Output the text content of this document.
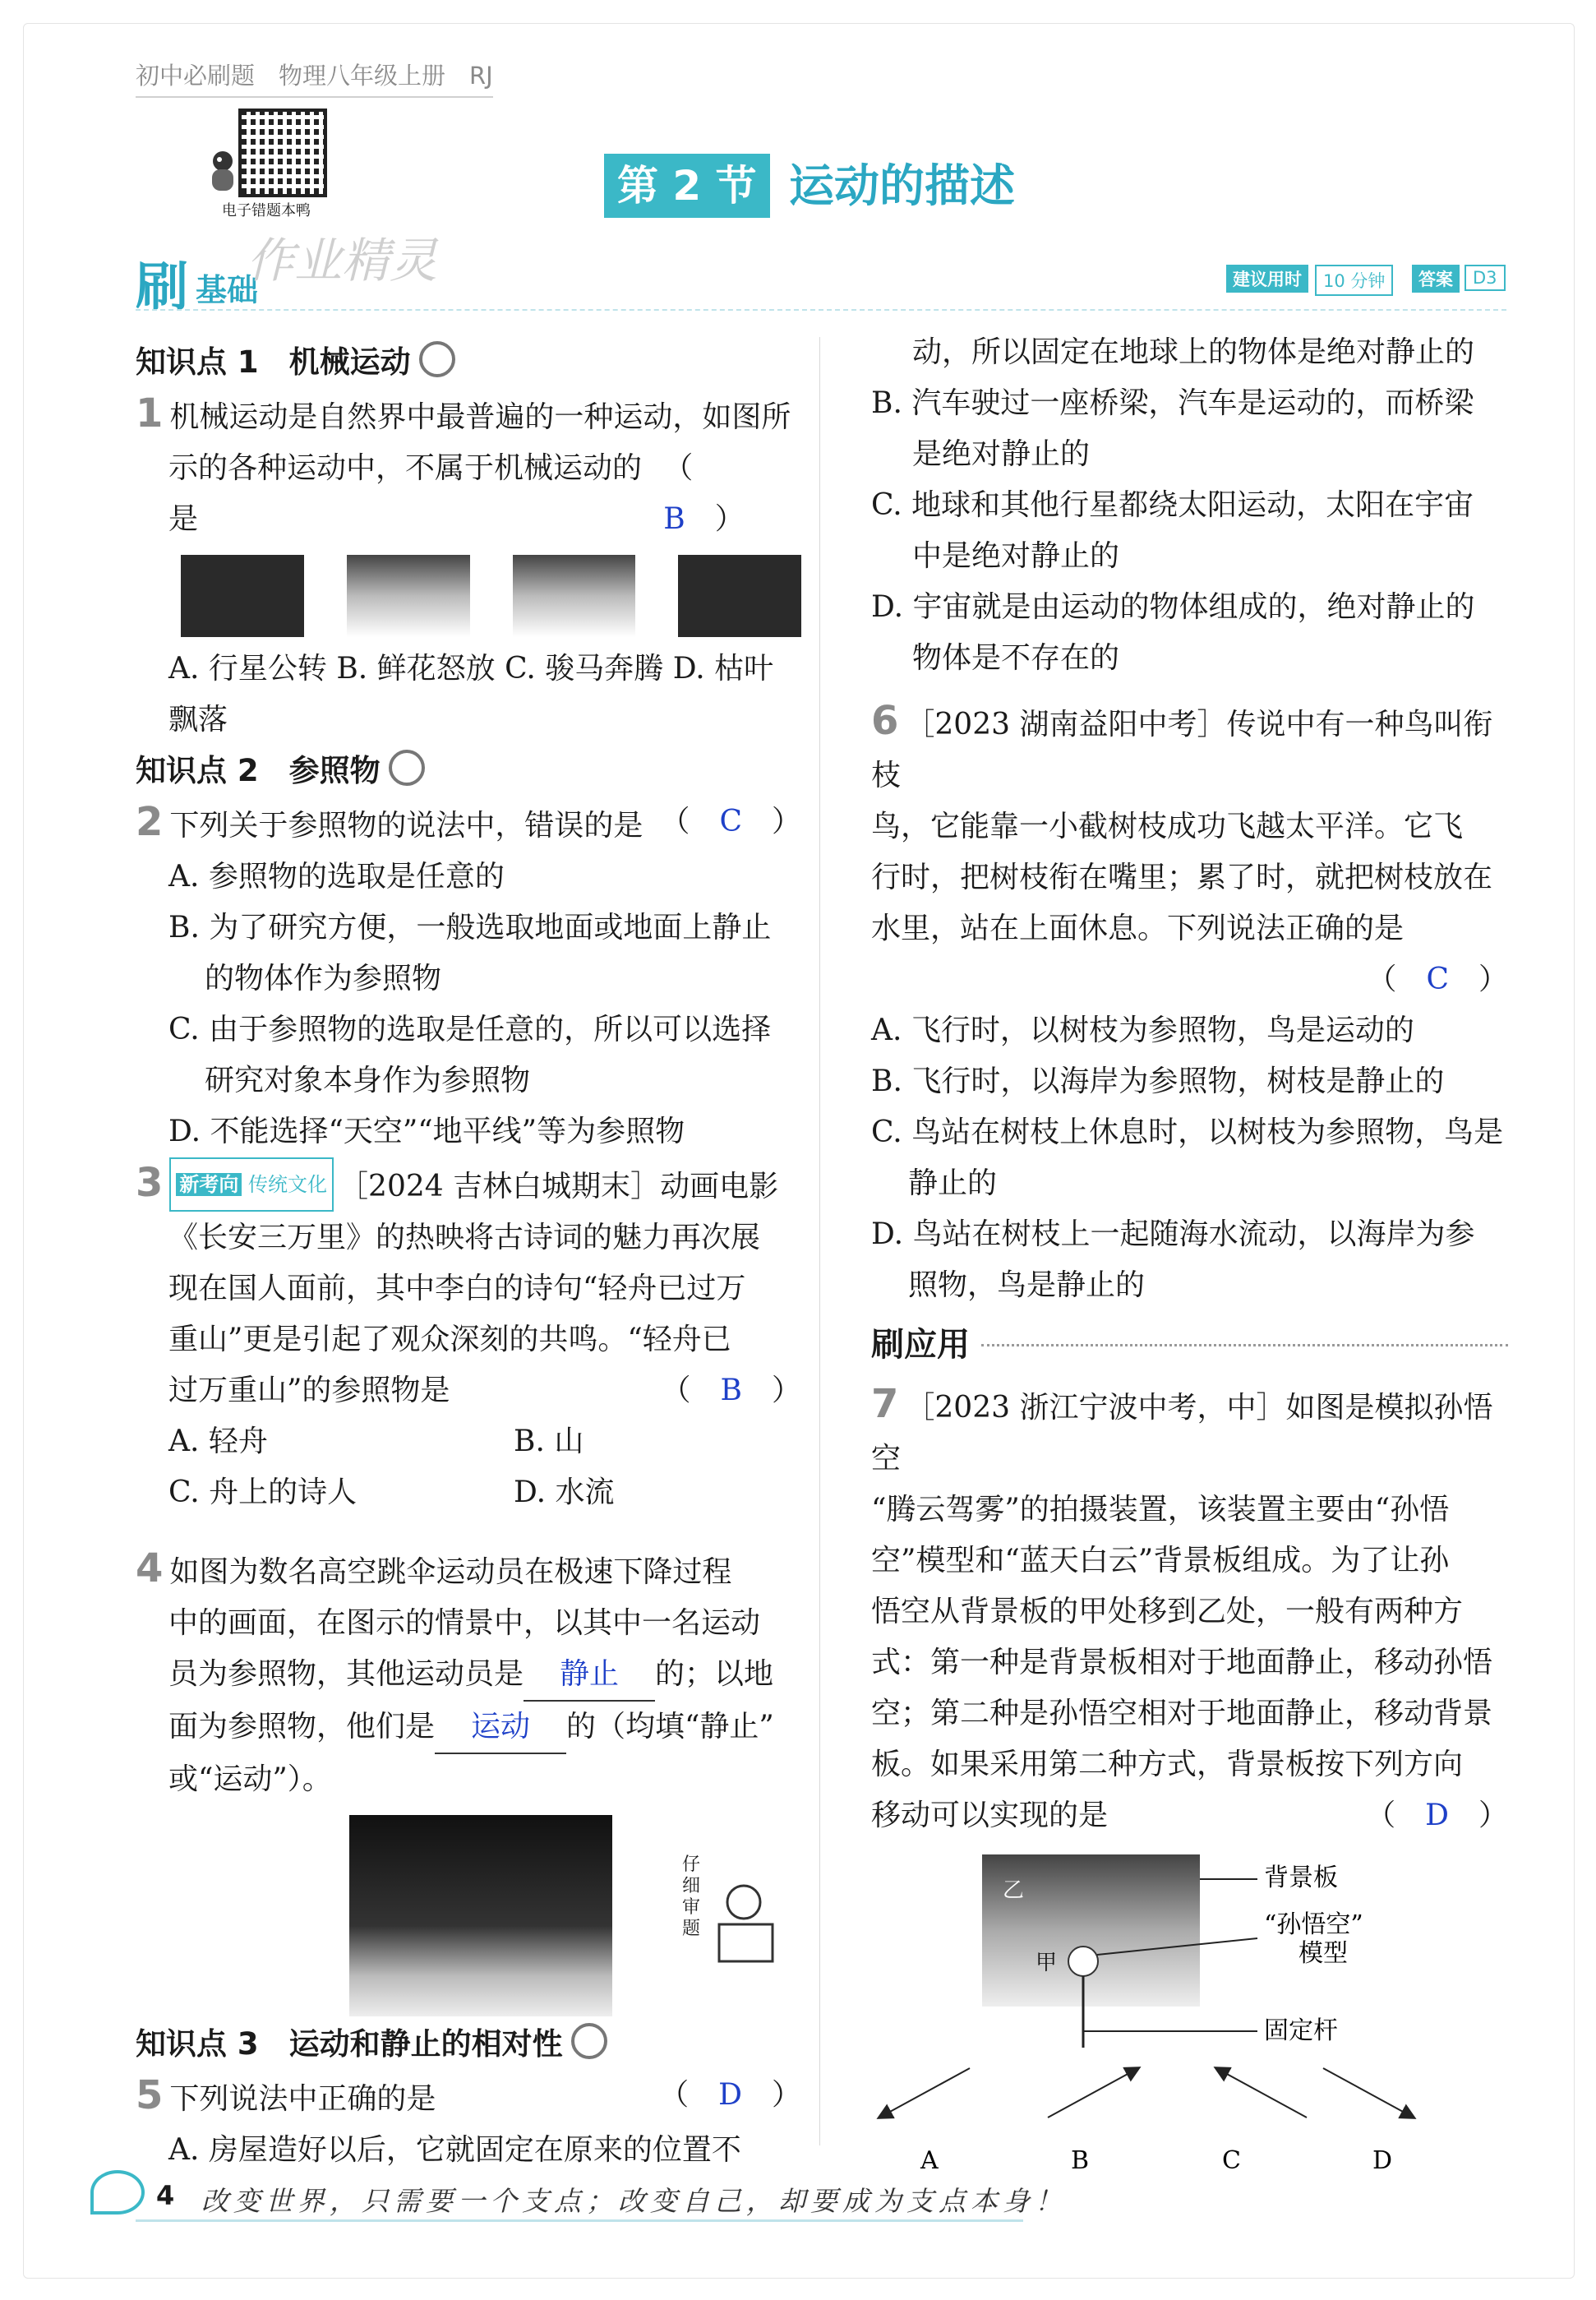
初中必刷题　物理八年级上册　RJ
电子错题本鸭
第 2 节 运动的描述
刷 基础
作业精灵	建议用时	10 分钟	答案	D3

知识点 1　机械运动

1 机械运动是自然界中最普遍的一种运动，如图所

示的各种运动中，不属于机械运动的是
（　B　）

A. 行星公转 B. 鲜花怒放 C. 骏马奔腾 D. 枯叶飘落

知识点 2　参照物

2 下列关于参照物的说法中，错误的是 （　C　）

A. 参照物的选取是任意的

B. 为了研究方便，一般选取地面或地面上静止

的物体作为参照物

C. 由于参照物的选取是任意的，所以可以选择

研究对象本身作为参照物

D. 不能选择“天空”“地平线”等为参照物

3 新考向 传统文化 ［2024 吉林白城期末］动画电影

《长安三万里》的热映将古诗词的魅力再次展

现在国人面前，其中李白的诗句“轻舟已过万

重山”更是引起了观众深刻的共鸣。“轻舟已

过万重山”的参照物是	（　B　）
A. 轻舟	B. 山
C. 舟上的诗人	D. 水流

4 如图为数名高空跳伞运动员在极速下降过程

中的画面，在图示的情景中，以其中一名运动

员为参照物，其他运动员是 静止 的；以地

面为参照物，他们是 运动 的（均填“静止”

或“运动”）。

仔细审题

知识点 3　运动和静止的相对性

5 下列说法中正确的是	（　D　）

A. 房屋造好以后，它就固定在原来的位置不

动，所以固定在地球上的物体是绝对静止的

B. 汽车驶过一座桥梁，汽车是运动的，而桥梁

是绝对静止的

C. 地球和其他行星都绕太阳运动，太阳在宇宙

中是绝对静止的

D. 宇宙就是由运动的物体组成的，绝对静止的

物体是不存在的

6 ［2023 湖南益阳中考］传说中有一种鸟叫衔枝

鸟，它能靠一小截树枝成功飞越太平洋。它飞

行时，把树枝衔在嘴里；累了时，就把树枝放在

水里，站在上面休息。下列说法正确的是

（　C　）

A. 飞行时，以树枝为参照物，鸟是运动的

B. 飞行时，以海岸为参照物，树枝是静止的

C. 鸟站在树枝上休息时，以树枝为参照物，鸟是

静止的

D. 鸟站在树枝上一起随海水流动，以海岸为参

照物，鸟是静止的

刷应用

7 ［2023 浙江宁波中考，中］如图是模拟孙悟空

“腾云驾雾”的拍摄装置，该装置主要由“孙悟

空”模型和“蓝天白云”背景板组成。为了让孙

悟空从背景板的甲处移到乙处，一般有两种方

式：第一种是背景板相对于地面静止，移动孙悟

空；第二种是孙悟空相对于地面静止，移动背景

板。如果采用第二种方式，背景板按下列方向

移动可以实现的是	（　D　）
乙
甲
背景板
“孙悟空”
模型
固定杆
A	B	C	D
4 改变世界，只需要一个支点；改变自己，却要成为支点本身！
